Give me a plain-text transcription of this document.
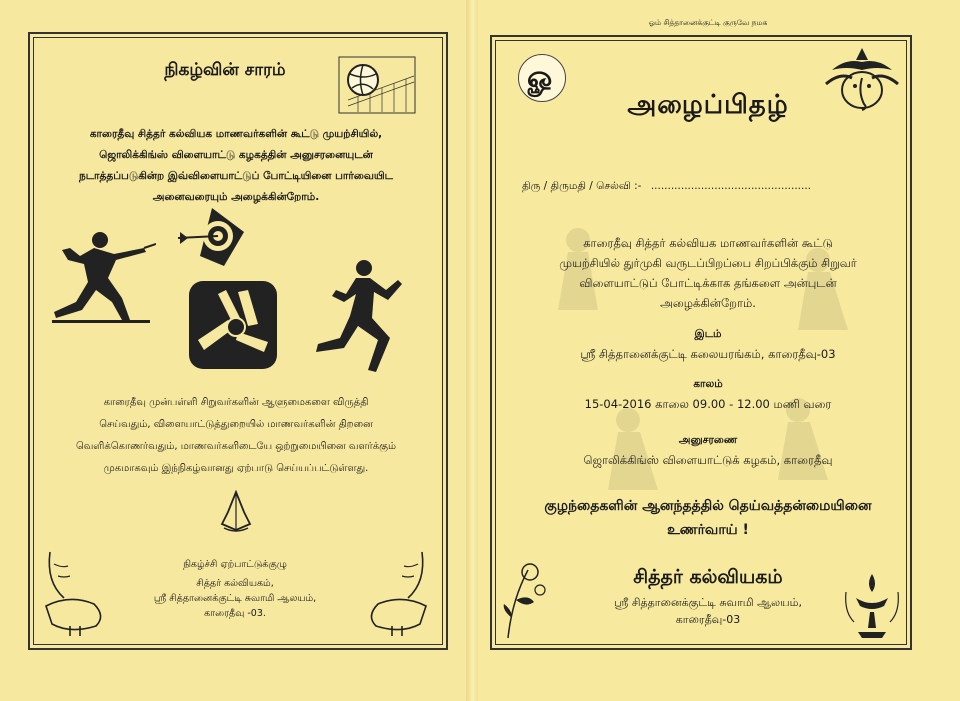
நிகழ்வின் சாரம்
காரைதீவு சித்தர் கல்வியக மாணவர்களின் கூட்டு முயற்சியில்,
ஜொலிக்கிங்ஸ் விளையாட்டு கழகத்தின் அனுசரனையுடன்
நடாத்தப்படுகின்ற இவ்விளையாட்டுப் போட்டியினை பார்வையிட
அனைவரையும் அழைக்கின்றோம்.
காரைதீவு முன்பள்ளி சிறுவர்களின் ஆளுமைகளை விருத்தி
செய்வதும், விளையாட்டுத்துறையில் மாணவர்களின் திறனை
வெளிக்கொணர்வதும், மாணவர்களிடையே ஒற்றுமையினை வளர்க்கும்
முகமாகவும் இந்நிகழ்வானது ஏற்பாடு செய்யப்பட்டுள்ளது.
நிகழ்ச்சி ஏற்பாட்டுக்குழு
சித்தர் கல்வியகம்,
ஸ்ரீ சித்தானைக்குட்டி சுவாமி ஆலயம்,
காரைதீவு -03.
ஓம் சித்தானைக்குட்டி குருவே நமக
ௐ
அழைப்பிதழ்
திரு / திருமதி / செல்வி :- ................................................
காரைதீவு சித்தர் கல்வியக மாணவர்களின் கூட்டு
முயற்சியில் துர்முகி வருடப்பிறப்பை சிறப்பிக்கும் சிறுவர்
விளையாட்டுப் போட்டிக்காக தங்களை அன்புடன்
அழைக்கின்றோம்.
இடம்
ஸ்ரீ சித்தானைக்குட்டி கலையரங்கம், காரைதீவு-03
காலம்
15-04-2016 காலை 09.00 - 12.00 மணி வரை
அனுசரணை
ஜொலிக்கிங்ஸ் விளையாட்டுக் கழகம், காரைதீவு
குழந்தைகளின் ஆனந்தத்தில் தெய்வத்தன்மையினை
உணர்வாய் !
சித்தர் கல்வியகம்
ஸ்ரீ சித்தானைக்குட்டி சுவாமி ஆலயம்,
காரைதீவு-03
